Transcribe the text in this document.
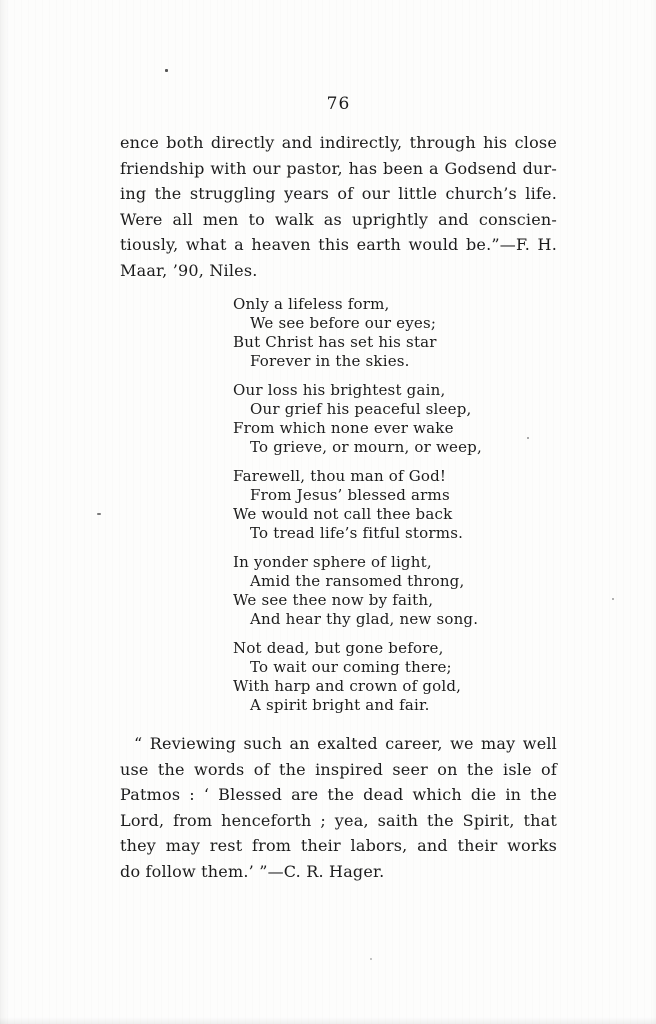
76
ence both directly and indirectly, through his close
friendship with our pastor, has been a Godsend dur-
ing the struggling years of our little church’s life.
Were all men to walk as uprightly and conscien-
tiously, what a heaven this earth would be.”—F. H.
Maar, ’90, Niles.
Only a lifeless form,
We see before our eyes;
But Christ has set his star
Forever in the skies.
Our loss his brightest gain,
Our grief his peaceful sleep,
From which none ever wake
To grieve, or mourn, or weep,
Farewell, thou man of God!
From Jesus’ blessed arms
We would not call thee back
To tread life’s fitful storms.
In yonder sphere of light,
Amid the ransomed throng,
We see thee now by faith,
And hear thy glad, new song.
Not dead, but gone before,
To wait our coming there;
With harp and crown of gold,
A spirit bright and fair.
“ Reviewing such an exalted career, we may well
use the words of the inspired seer on the isle of
Patmos : ‘ Blessed are the dead which die in the
Lord, from henceforth ; yea, saith the Spirit, that
they may rest from their labors, and their works
do follow them.’ ”—C. R. Hager.
